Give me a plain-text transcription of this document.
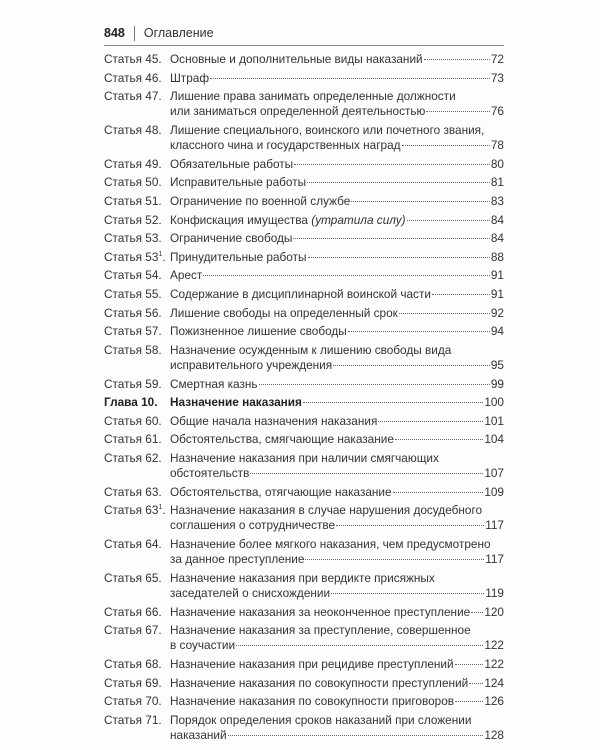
848 Оглавление
Статья 45. Основные и дополнительные виды наказаний	72
Статья 46. Штраф	73
Статья 47. Лишение права занимать определенные должности
или заниматься определенной деятельностью	76
Статья 48. Лишение специального, воинского или почетного звания,
классного чина и государственных наград	78
Статья 49. Обязательные работы	80
Статья 50. Исправительные работы	81
Статья 51. Ограничение по военной службе	83
Статья 52. Конфискация имущества
(утратила силу)	84
Статья 53. Ограничение свободы	84
Статья $53^1$. Принудительные работы	88
Статья 54. Арест	91
Статья 55. Содержание в дисциплинарной воинской части	91
Статья 56. Лишение свободы на определенный срок	92
Статья 57. Пожизненное лишение свободы	94
Статья 58. Назначение осужденным к лишению свободы вида
исправительного учреждения	95
Статья 59. Смертная казнь	99
Глава 10.	Назначение наказания	100
Статья 60. Общие начала назначения наказания	101
Статья 61. Обстоятельства, смягчающие наказание	104
Статья 62. Назначение наказания при наличии смягчающих
обстоятельств	107
Статья 63. Обстоятельства, отягчающие наказание	109
Статья $63^1$. Назначение наказания в случае нарушения досудебного
соглашения о сотрудничестве	117
Статья 64. Назначение более мягкого наказания, чем предусмотрено
за данное преступление	117
Статья 65. Назначение наказания при вердикте присяжных
заседателей о снисхождении	119
Статья 66. Назначение наказания за неоконченное преступление 120
Статья 67. Назначение наказания за преступление, совершенное
в соучастии	122
Статья 68. Назначение наказания при рецидиве преступлений	122
Статья 69. Назначение наказания по совокупности преступлений 124
Статья 70. Назначение наказания по совокупности приговоров	126
Статья 71. Порядок определения сроков наказаний при сложении
наказаний	128
